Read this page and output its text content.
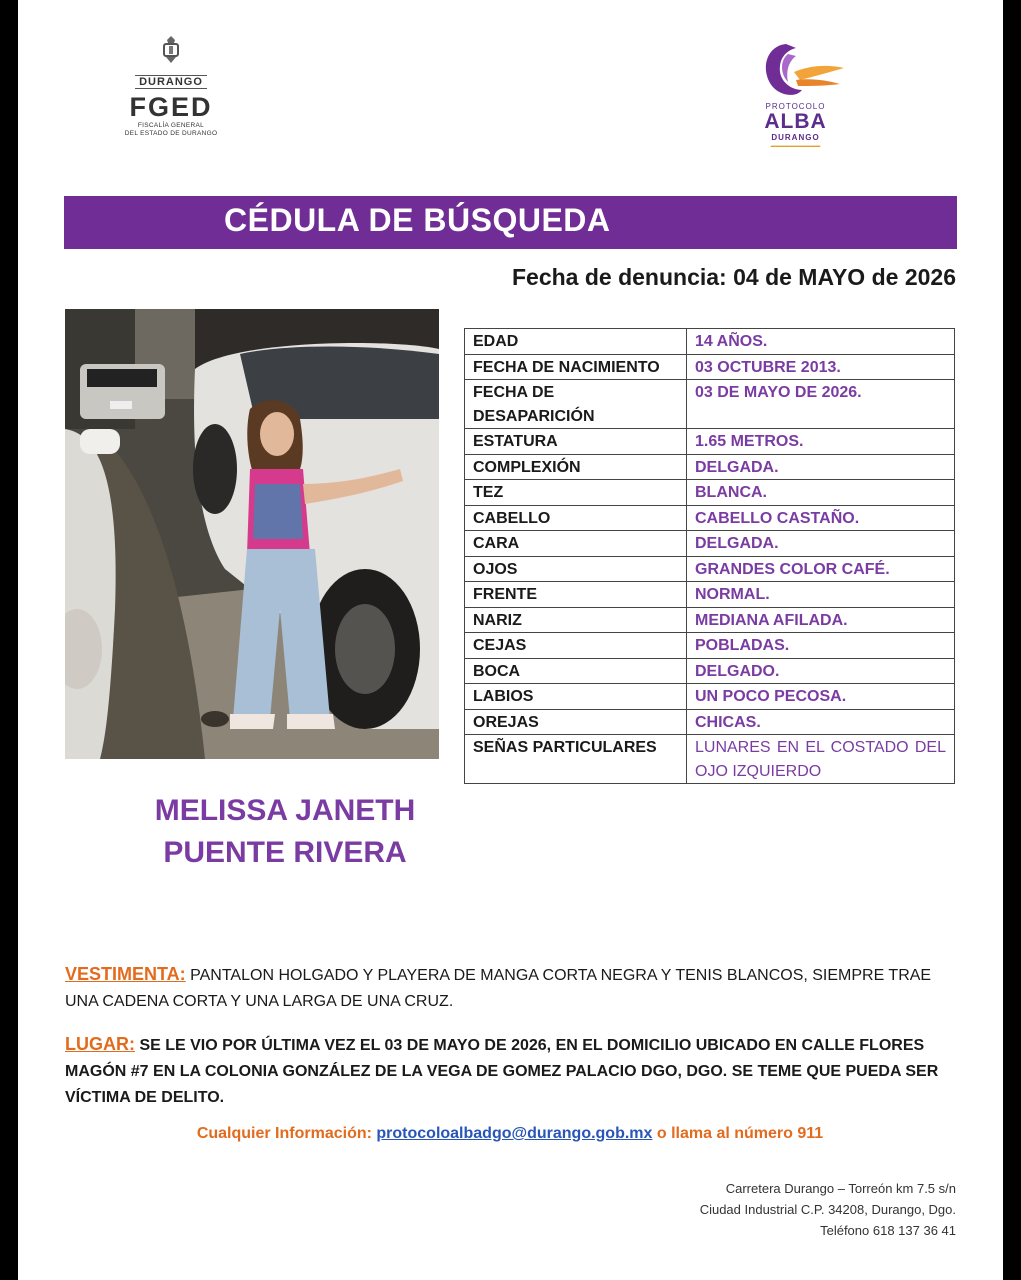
DURANGO
FGED
FISCALÍA GENERAL
DEL ESTADO DE DURANGO
PROTOCOLO
ALBA
DURANGO
▬▬▬▬▬▬▬▬▬▬▬
CÉDULA DE BÚSQUEDA
Fecha de denuncia: 04 de MAYO de 2026
MELISSA JANETH
PUENTE RIVERA
EDAD	14 AÑOS.
FECHA DE NACIMIENTO	03 OCTUBRE 2013.
FECHA DE DESAPARICIÓN	03 DE MAYO DE 2026.
ESTATURA	1.65 METROS.
COMPLEXIÓN	DELGADA.
TEZ	BLANCA.
CABELLO	CABELLO CASTAÑO.
CARA	DELGADA.
OJOS	GRANDES COLOR CAFÉ.
FRENTE	NORMAL.
NARIZ	MEDIANA AFILADA.
CEJAS	POBLADAS.
BOCA	DELGADO.
LABIOS	UN POCO PECOSA.
OREJAS	CHICAS.
SEÑAS PARTICULARES	LUNARES EN EL COSTADO DEL OJO IZQUIERDO
VESTIMENTA: PANTALON HOLGADO Y PLAYERA DE MANGA CORTA NEGRA Y TENIS BLANCOS, SIEMPRE TRAE UNA CADENA CORTA Y UNA LARGA DE UNA CRUZ.
LUGAR: SE LE VIO POR ÚLTIMA VEZ EL 03 DE MAYO DE 2026, EN EL DOMICILIO UBICADO EN CALLE FLORES MAGÓN #7 EN LA COLONIA GONZÁLEZ DE LA VEGA DE GOMEZ PALACIO DGO, DGO. SE TEME QUE PUEDA SER VÍCTIMA DE DELITO.
Cualquier Información: protocoloalbadgo@durango.gob.mx o llama al número 911
Carretera Durango – Torreón km 7.5 s/n
Ciudad Industrial C.P. 34208, Durango, Dgo.
Teléfono 618 137 36 41
